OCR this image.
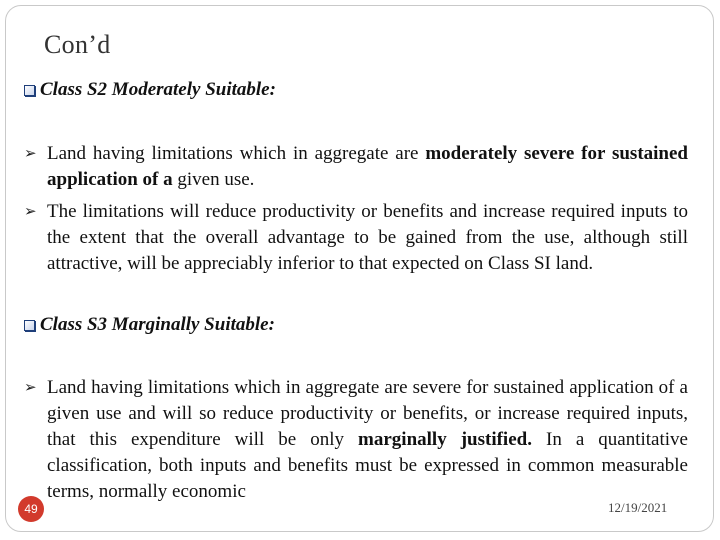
Con’d
Class S2 Moderately Suitable:
➢ Land having limitations which in aggregate are moderately severe for sustained application of a given use.
➢ The limitations will reduce productivity or benefits and increase required inputs to the extent that the overall advantage to be gained from the use, although still attractive, will be appreciably inferior to that expected on Class SI land.
Class S3 Marginally Suitable:
➢ Land having limitations which in aggregate are severe for sustained application of a given use and will so reduce productivity or benefits, or increase required inputs, that this expenditure will be only marginally justified. In a quantitative classification, both inputs and benefits must be expressed in common measurable terms, normally economic
49	12/19/2021
